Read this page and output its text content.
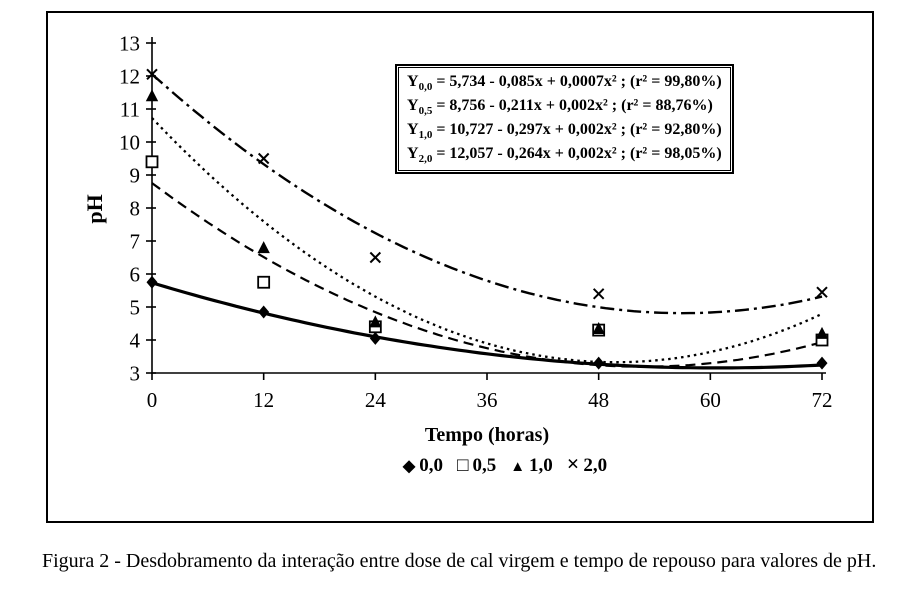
3
4
5
6
7
8
9
10
11
12
13
0	12	24	36	48	60	72
pH
Tempo (horas)
$Y_{0,0} = 5,734 - 0,085x + 0,0007x^2$ ; (r² = 99,80%)
$Y_{0,5} = 8,756 - 0,211x + 0,002x^2$ ; (r² = 88,76%)
$Y_{1,0} = 10,727 - 0,297x + 0,002x^2$ ; (r² = 92,80%)
$Y_{2,0} = 12,057 - 0,264x + 0,002x^2$ ; (r² = 98,05%)
◆ 0,0 □ 0,5 ▲ 1,0 × 2,0

Figura 2 - Desdobramento da interação entre dose de cal virgem e tempo de repouso para valores de pH.
